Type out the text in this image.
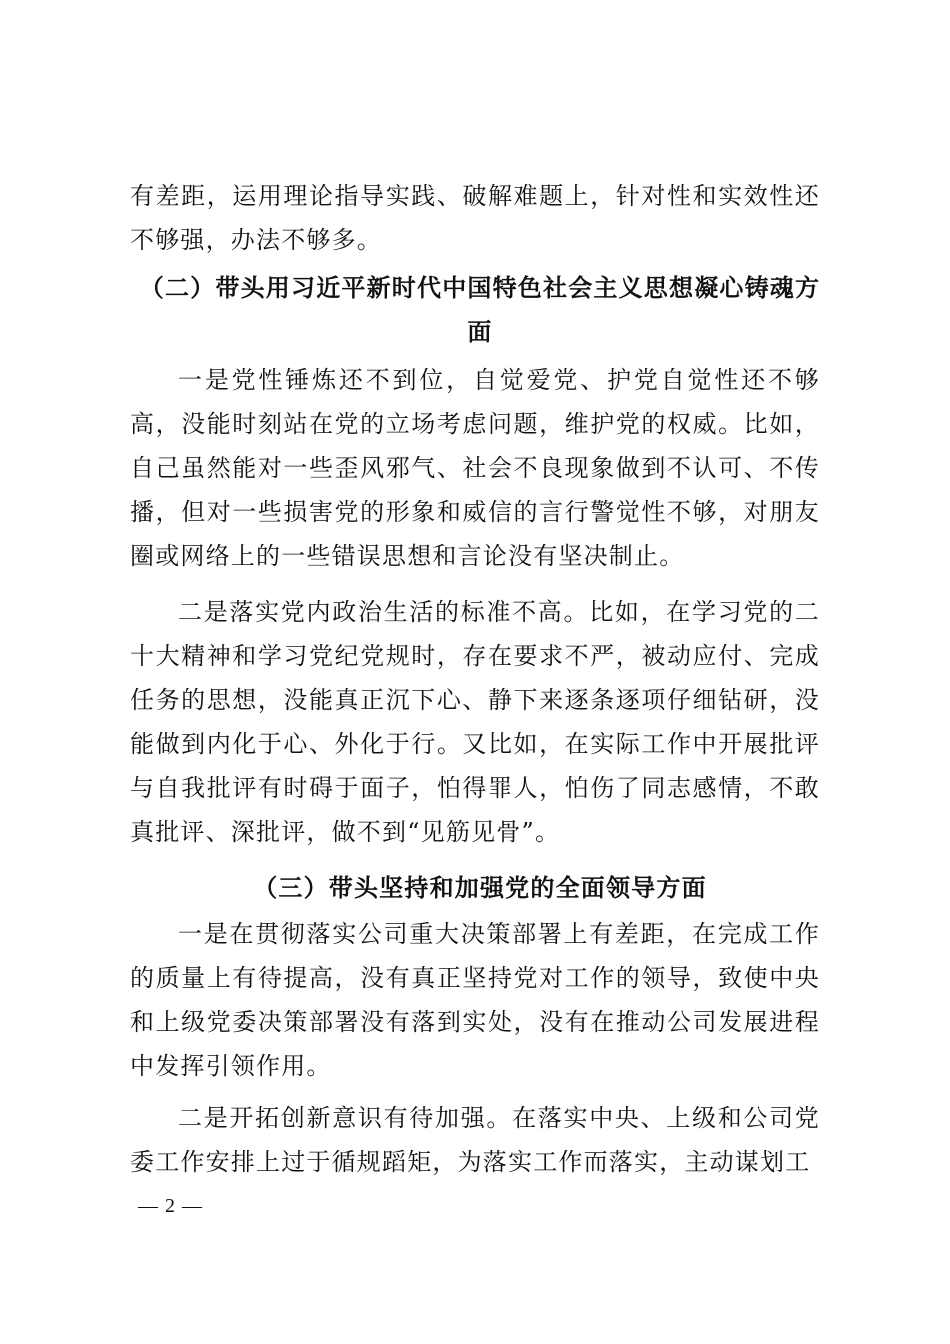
有差距，运用理论指导实践、破解难题上，针对性和实效性还不够强，办法不够多。

（二）带头用习近平新时代中国特色社会主义思想凝心铸魂方面

一是党性锤炼还不到位，自觉爱党、护党自觉性还不够高，没能时刻站在党的立场考虑问题，维护党的权威。比如，自己虽然能对一些歪风邪气、社会不良现象做到不认可、不传播，但对一些损害党的形象和威信的言行警觉性不够，对朋友圈或网络上的一些错误思想和言论没有坚决制止。

二是落实党内政治生活的标准不高。比如，在学习党的二十大精神和学习党纪党规时，存在要求不严，被动应付、完成任务的思想，没能真正沉下心、静下来逐条逐项仔细钻研，没能做到内化于心、外化于行。又比如，在实际工作中开展批评与自我批评有时碍于面子，怕得罪人，怕伤了同志感情，不敢真批评、深批评，做不到“见筋见骨”。

（三）带头坚持和加强党的全面领导方面

一是在贯彻落实公司重大决策部署上有差距，在完成工作的质量上有待提高，没有真正坚持党对工作的领导，致使中央和上级党委决策部署没有落到实处，没有在推动公司发展进程中发挥引领作用。

二是开拓创新意识有待加强。在落实中央、上级和公司党委工作安排上过于循规蹈矩，为落实工作而落实，主动谋划工

— 2 —
